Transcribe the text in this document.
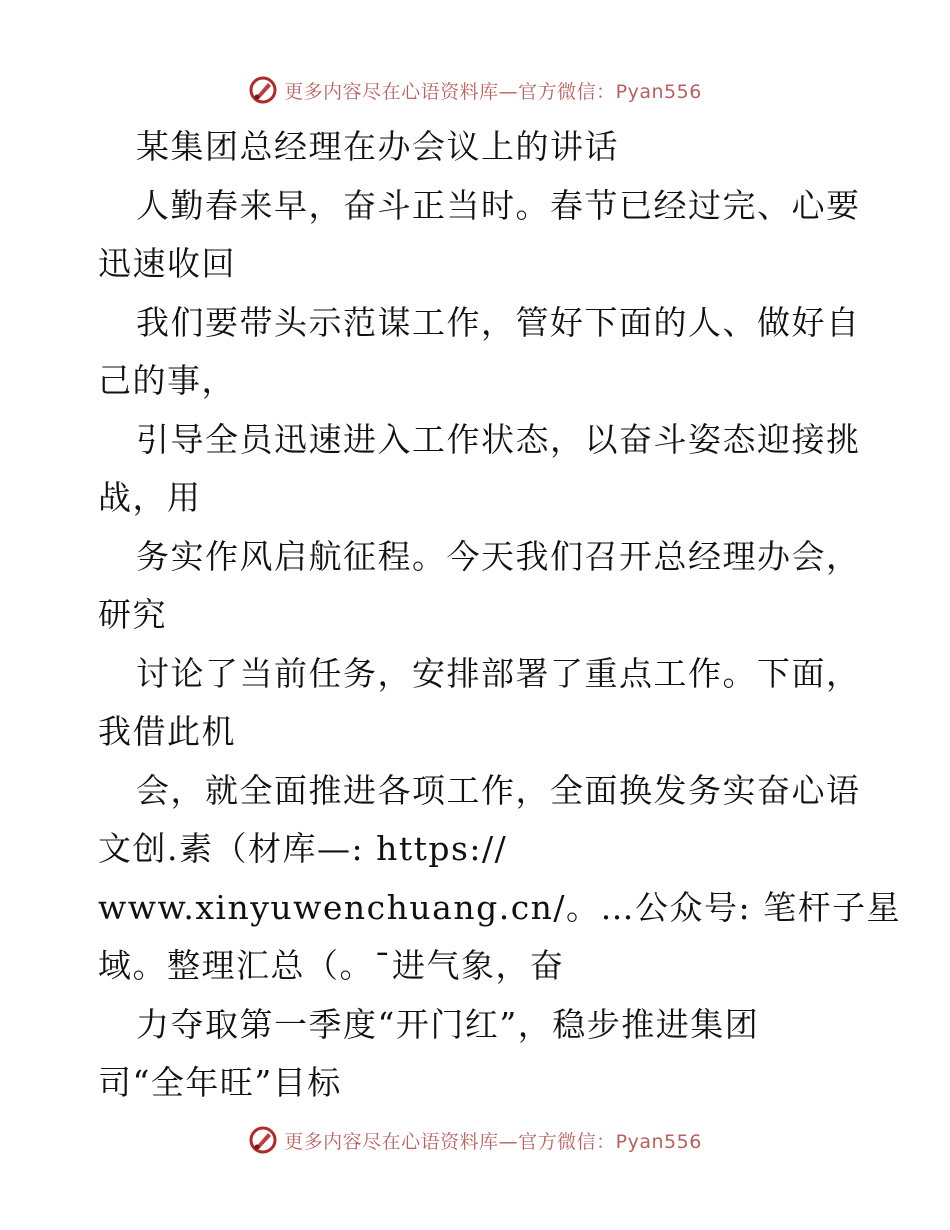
更多内容尽在心语资料库—官方微信：Pyan556
某集团总经理在办会议上的讲话
人勤春来早，奋斗正当时。春节已经过完、心要
迅速收回
我们要带头示范谋工作，管好下面的人、做好自
己的事，
引导全员迅速进入工作状态，以奋斗姿态迎接挑
战，用
务实作风启航征程。今天我们召开总经理办会，
研究
讨论了当前任务，安排部署了重点工作。下面，
我借此机
会，就全面推进各项工作，全面换发务实奋心语
文创.素（材库—: https://
www.xinyuwenchuang.cn/。…公众号: 笔杆子星
域。整理汇总（。¯进气象，奋
力夺取第一季度“开门红”，稳步推进集团
司“全年旺”目标
更多内容尽在心语资料库—官方微信：Pyan556
